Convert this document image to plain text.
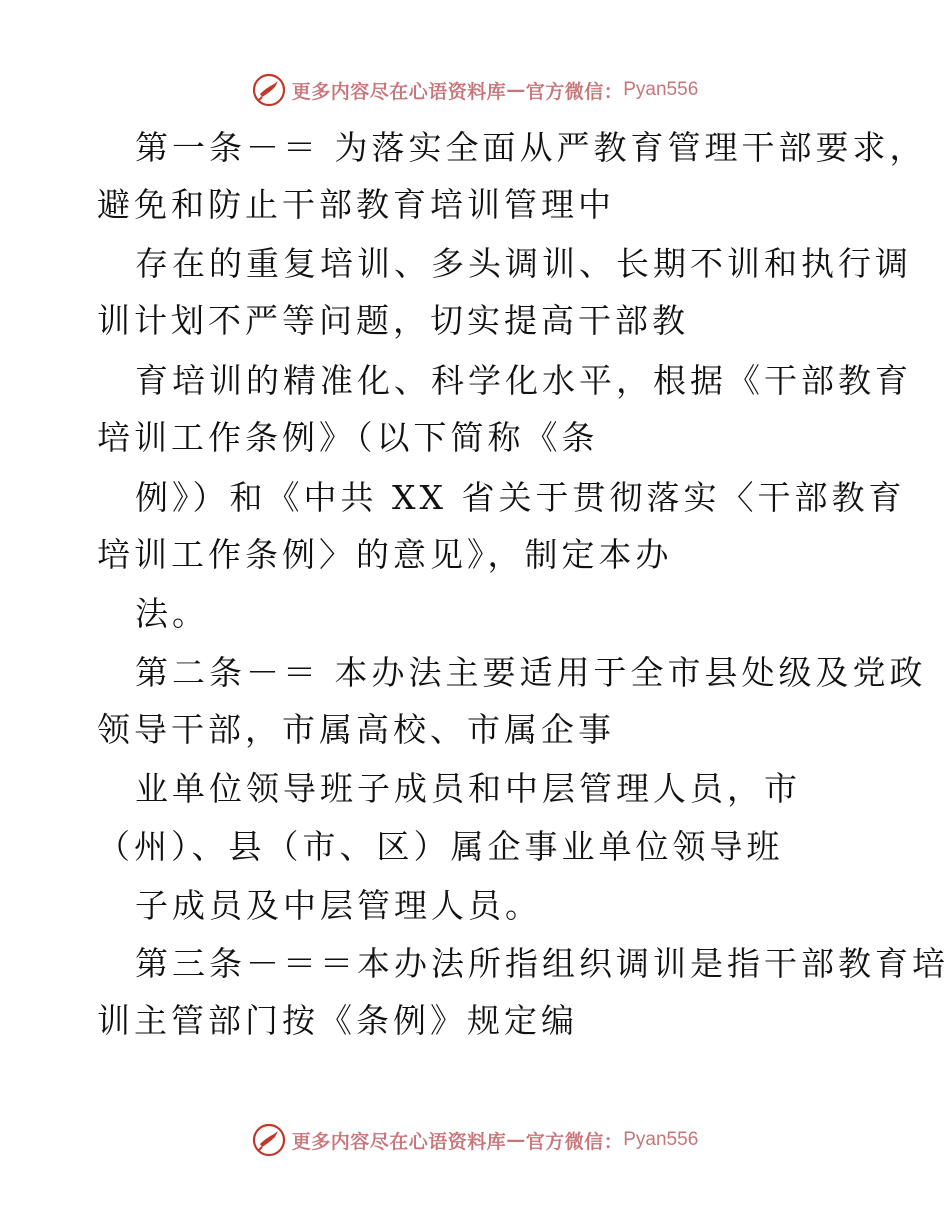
更多内容尽在心语资料库 — 官方微信： Pyan556
第一条－＝ 为落实全面从严教育管理干部要求，
避免和防止干部教育培训管理中
存在的重复培训、多头调训、长期不训和执行调
训计划不严等问题，切实提高干部教
育培训的精准化、科学化水平，根据《干部教育
培训工作条例》（以下简称《条
例》）和《中共 XX 省关于贯彻落实〈干部教育
培训工作条例〉的意见》，制定本办
法。
第二条－＝ 本办法主要适用于全市县处级及党政
领导干部，市属高校、市属企事
业单位领导班子成员和中层管理人员，市
（州）、县（市、区）属企事业单位领导班
子成员及中层管理人员。
第三条－＝＝本办法所指组织调训是指干部教育培
训主管部门按《条例》规定编
更多内容尽在心语资料库 — 官方微信： Pyan556
